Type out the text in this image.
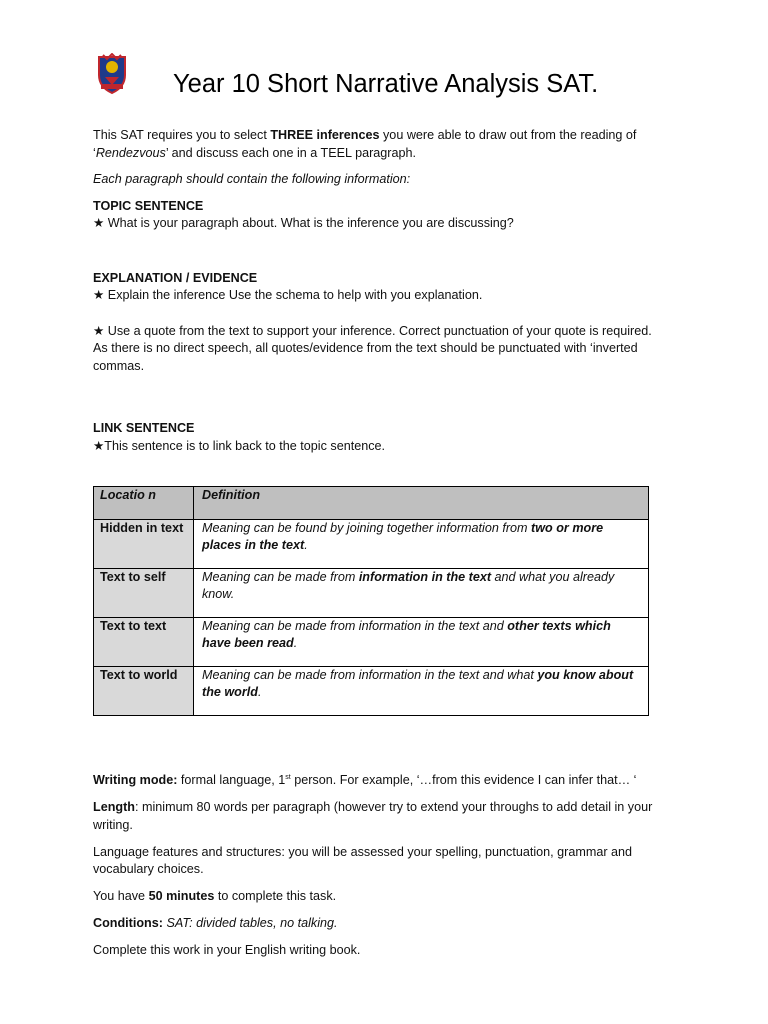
Year 10 Short Narrative Analysis SAT.

This SAT requires you to select THREE inferences you were able to draw out from the reading of
‘Rendezvous’ and discuss each one in a TEEL paragraph.

Each paragraph should contain the following information:

TOPIC SENTENCE

★ What is your paragraph about. What is the inference you are discussing?

EXPLANATION / EVIDENCE

★ Explain the inference Use the schema to help with you explanation.

★ Use a quote from the text to support your inference. Correct punctuation of your quote is required. As there is no direct speech, all quotes/evidence from the text should be punctuated with ‘inverted commas.

LINK SENTENCE

★This sentence is to link back to the topic sentence.

Locatio n	Definition
Hidden in text	Meaning can be found by joining together information from two or more places in the text.
Text to self	Meaning can be made from information in the text and what you already know.
Text to text	Meaning can be made from information in the text and other texts which have been read.
Text to world	Meaning can be made from information in the text and what you know about the world.

Writing mode: formal language, 1st person. For example, ‘…from this evidence I can infer that… ‘

Length: minimum 80 words per paragraph (however try to extend your throughs to add detail in your writing.

Language features and structures: you will be assessed your spelling, punctuation, grammar and vocabulary choices.

You have 50 minutes to complete this task.

Conditions: SAT: divided tables, no talking.

Complete this work in your English writing book.
